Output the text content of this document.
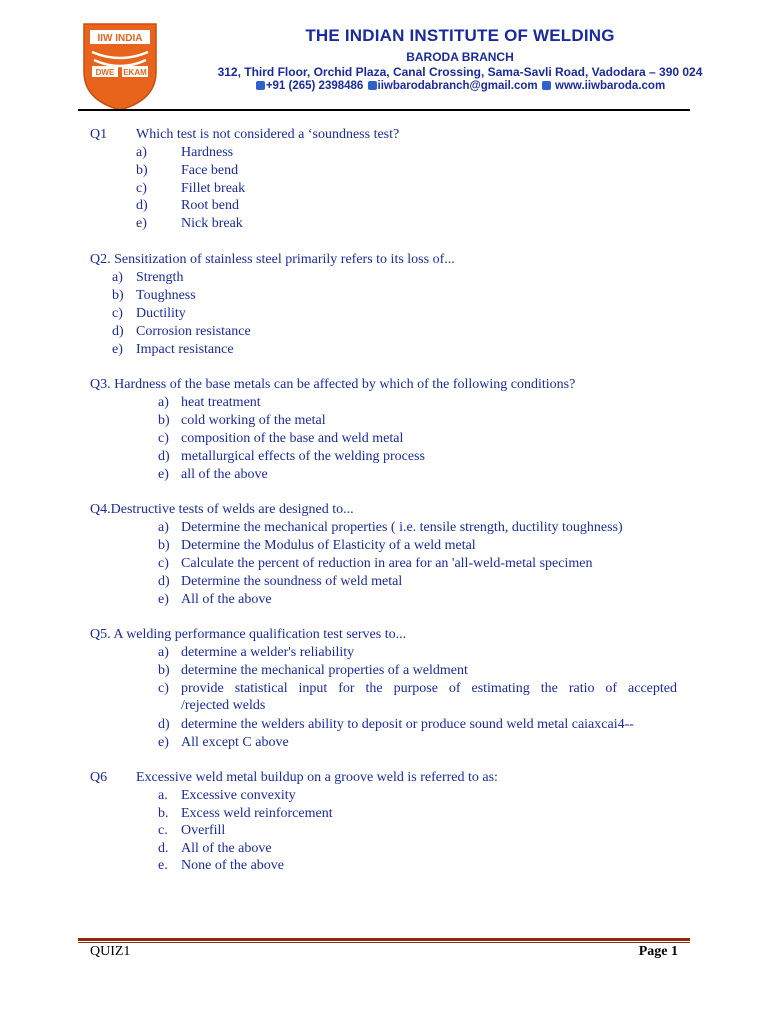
IIW INDIA
DWE EKAM
THE INDIAN INSTITUTE OF WELDING
BARODA BRANCH
312, Third Floor, Orchid Plaza, Canal Crossing, Sama-Savli Road, Vadodara – 390 024
+91 (265) 2398486 iiwbarodabranch@gmail.com www.iiwbaroda.com
Q1 Which test is not considered a ‘soundness test?
a) Hardness
b) Face bend
c) Fillet break
d) Root bend
e) Nick break
Q2. Sensitization of stainless steel primarily refers to its loss of...
a) Strength
b) Toughness
c) Ductility
d) Corrosion resistance
e) Impact resistance
Q3. Hardness of the base metals can be affected by which of the following conditions?
a) heat treatment
b) cold working of the metal
c) composition of the base and weld metal
d) metallurgical effects of the welding process
e) all of the above
Q4.Destructive tests of welds are designed to...
a) Determine the mechanical properties ( i.e. tensile strength, ductility toughness)
b) Determine the Modulus of Elasticity of a weld metal
c) Calculate the percent of reduction in area for an 'all-weld-metal specimen
d) Determine the soundness of weld metal
e) All of the above
Q5. A welding performance qualification test serves to...
a) determine a welder's reliability
b) determine the mechanical properties of a weldment
c) provide statistical input for the purpose of estimating the ratio of accepted
/rejected welds
d) determine the welders ability to deposit or produce sound weld metal caiaxcai4--
e) All except C above
Q6 Excessive weld metal buildup on a groove weld is referred to as:
a. Excessive convexity
b. Excess weld reinforcement
c. Overfill
d. All of the above
e. None of the above
QUIZ1	Page 1
